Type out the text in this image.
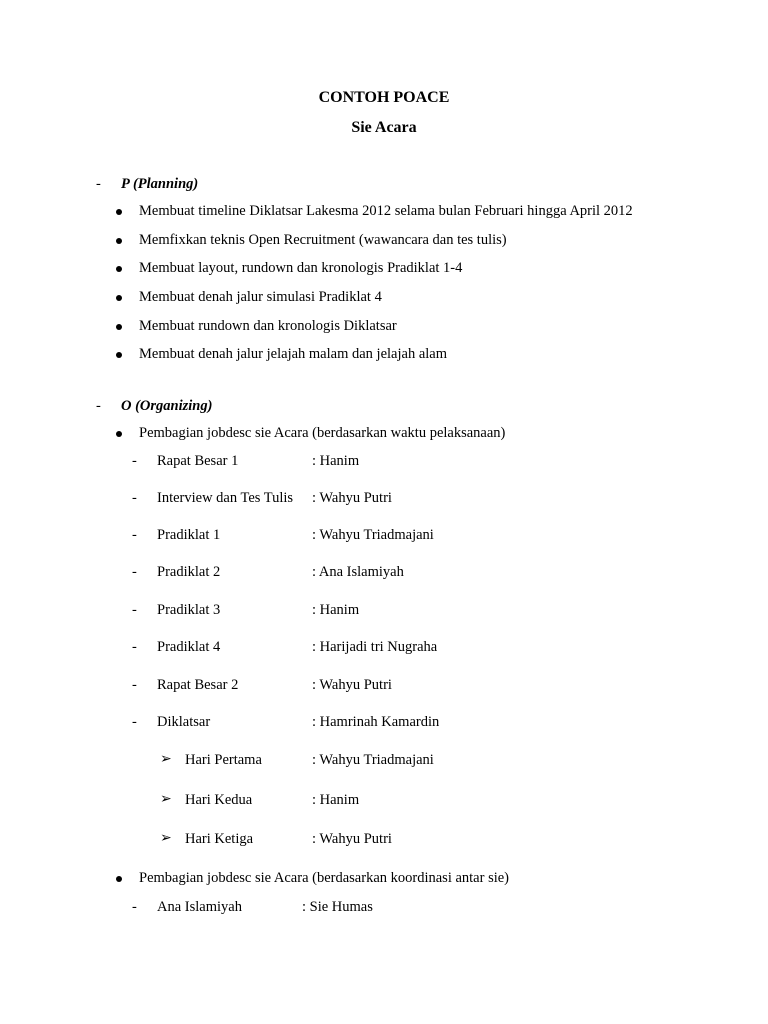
CONTOH POACE
Sie Acara
- P (Planning)
Membuat timeline Diklatsar Lakesma 2012 selama bulan Februari hingga April 2012
Memfixkan teknis Open Recruitment (wawancara dan tes tulis)
Membuat layout, rundown dan kronologis Pradiklat 1-4
Membuat denah jalur simulasi Pradiklat 4
Membuat rundown dan kronologis Diklatsar
Membuat denah jalur jelajah malam dan jelajah alam
- O (Organizing)
Pembagian jobdesc sie Acara (berdasarkan waktu pelaksanaan)
- Rapat Besar 1	: Hanim
- Interview dan Tes Tulis : Wahyu Putri
- Pradiklat 1	: Wahyu Triadmajani
- Pradiklat 2	: Ana Islamiyah
- Pradiklat 3	: Hanim
- Pradiklat 4	: Harijadi tri Nugraha
- Rapat Besar 2	: Wahyu Putri
- Diklatsar	: Hamrinah Kamardin
➢ Hari Pertama	: Wahyu Triadmajani
➢ Hari Kedua	: Hanim
➢ Hari Ketiga	: Wahyu Putri
Pembagian jobdesc sie Acara (berdasarkan koordinasi antar sie)
- Ana Islamiyah	: Sie Humas
